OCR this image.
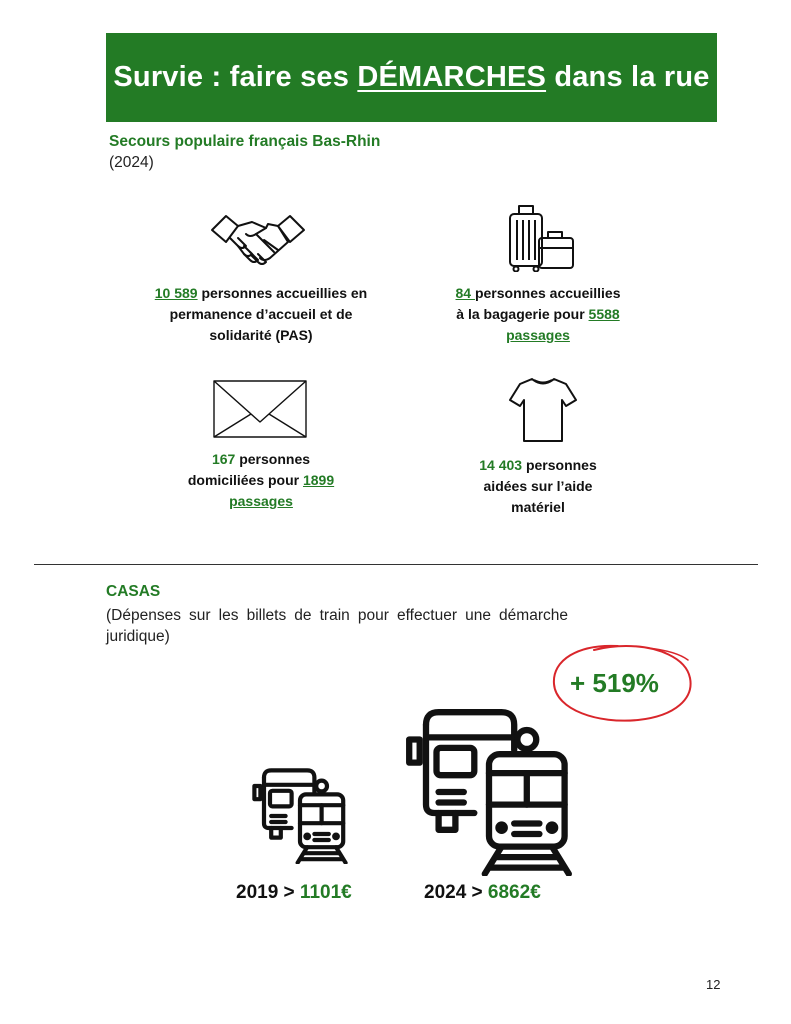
Survie : faire ses DÉMARCHES dans la rue
Secours populaire français Bas-Rhin
(2024)
10 589 personnes accueillies en
permanence d’accueil et de
solidarité (PAS)
84 personnes accueillies
à la bagagerie pour 5588
passages
167 personnes
domiciliées pour 1899
passages
14 403 personnes
aidées sur l’aide
matériel
CASAS
(Dépenses sur les billets de train pour effectuer une démarche juridique)
+ 519%
2019 > 1101€	2024 > 6862€
12
